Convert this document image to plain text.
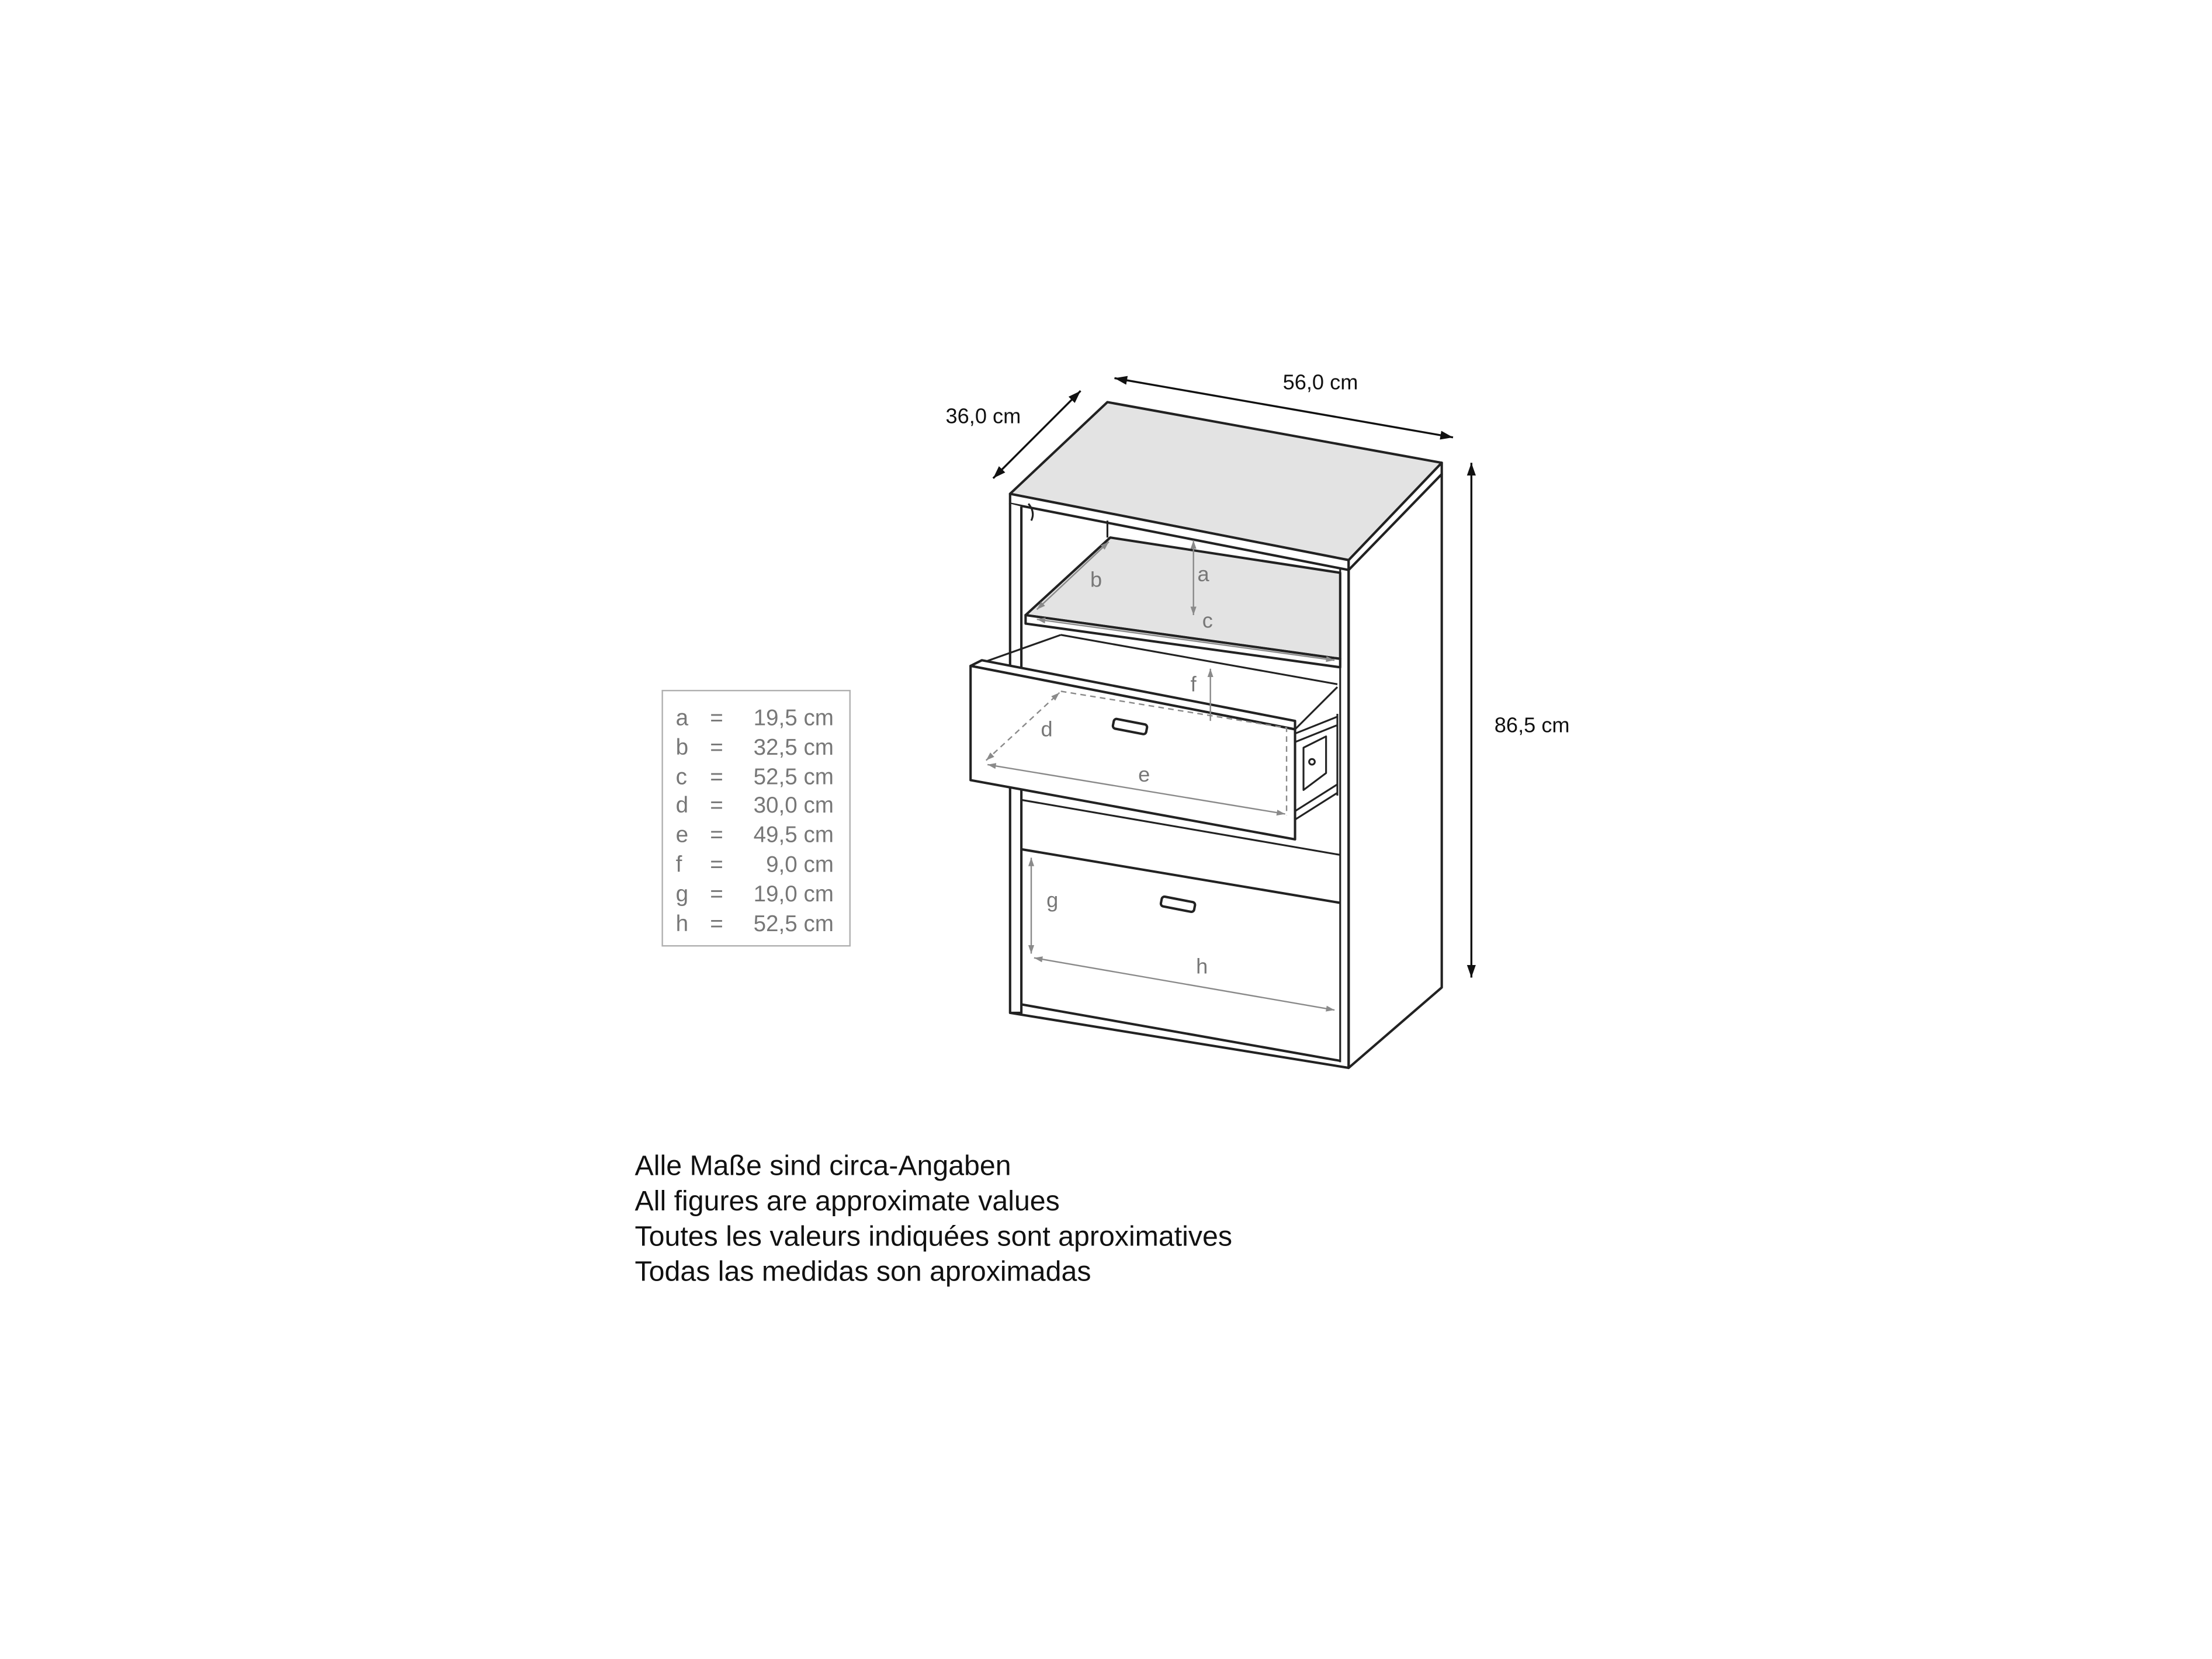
a
b
c
d
e
f
g
h
36,0 cm
56,0 cm
86,5 cm
a =	19,5 cm
b =	32,5 cm
c =	52,5 cm
d =	30,0 cm
e =	49,5 cm
f	=	9,0 cm
g =	19,0 cm
h =	52,5 cm
Alle Maße sind circa-Angaben
All figures are approximate values
Toutes les valeurs indiquées sont aproximatives
Todas las medidas son aproximadas
